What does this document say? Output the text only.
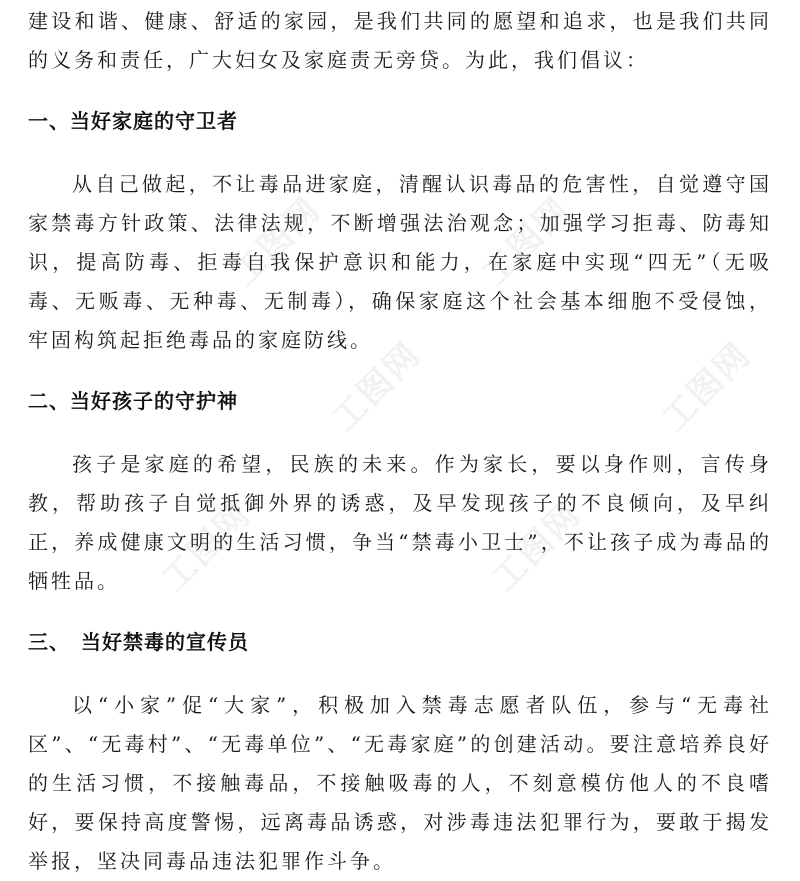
建设和谐、健康、舒适的家园，是我们共同的愿望和追求，也是我们共同的义务和责任，广大妇女及家庭责无旁贷。为此，我们倡议：

一、当好家庭的守卫者

从自己做起，不让毒品进家庭，清醒认识毒品的危害性，自觉遵守国家禁毒方针政策、法律法规，不断增强法治观念；加强学习拒毒、防毒知识，提高防毒、拒毒自我保护意识和能力，在家庭中实现“四无”（无吸毒、无贩毒、无种毒、无制毒），确保家庭这个社会基本细胞不受侵蚀，牢固构筑起拒绝毒品的家庭防线。

二、当好孩子的守护神

孩子是家庭的希望，民族的未来。作为家长，要以身作则，言传身教，帮助孩子自觉抵御外界的诱惑，及早发现孩子的不良倾向，及早纠正，养成健康文明的生活习惯，争当“禁毒小卫士”，不让孩子成为毒品的牺牲品。

三、　当好禁毒的宣传员

以“小家”促“大家”，积极加入禁毒志愿者队伍，参与“无毒社区”、“无毒村”、“无毒单位”、“无毒家庭”的创建活动。要注意培养良好的生活习惯，不接触毒品，不接触吸毒的人，不刻意模仿他人的不良嗜好，要保持高度警惕，远离毒品诱惑，对涉毒违法犯罪行为，要敢于揭发举报，坚决同毒品违法犯罪作斗争。

工图网	工图网
工图网
工图网	工图网
工图网
